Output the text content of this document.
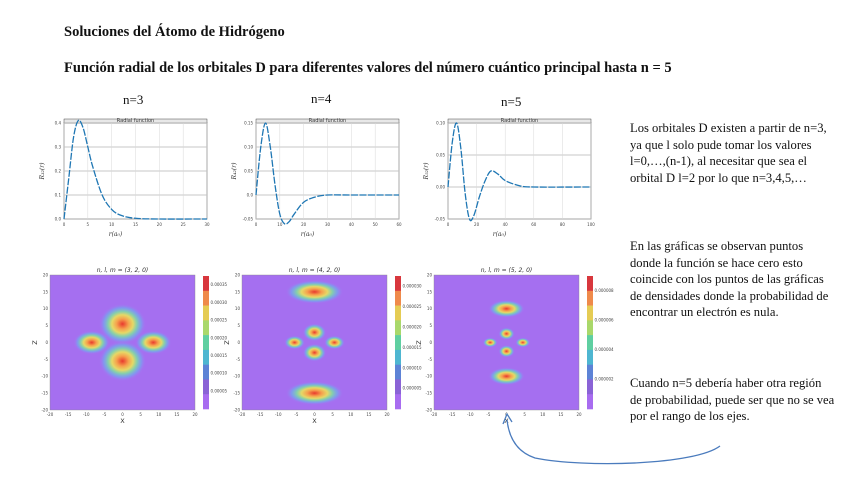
Soluciones del Átomo de Hidrógeno
Función radial de los orbitales D para diferentes valores del número cuántico principal hasta n = 5
n=3	n=4	n=5
Radial function
0.0
0.1
0.2
0.3
0.4
0	5	10	15	20	25	30
r(a₀)
R₃₂(r)
Radial function
-0.05
0.0
0.05
0.10
0.15
0	10	20	30	40	50	60
r(a₀)
R₄₂(r)
Radial function
-0.05
0.00
0.05
0.10
0	20	40	60	80	100
r(a₀)
R₅₂(r)
n, l, m = (3, 2, 0)
-20	-15	-10	-5	0	5	10	15	20
20
15
10
5
0
-5
-10
-15
-20
X
Z
0.00035
0.00030
0.00025
0.00020
0.00015
0.00010
0.00005
n, l, m = (4, 2, 0)
-20	-15	-10	-5	0	5	10	15	20
20
15
10
5
0
-5
-10
-15
-20
X
Z
0.000030
0.000025
0.000020
0.000015
0.000010
0.000005
n, l, m = (5, 2, 0)
-20	-15	-10	-5	0	5	10	15	20
20
15
10
5
0
-5
-10
-15
-20
X
Z
0.000008
0.000006
0.000004
0.000002
Los orbitales D existen a partir de n=3, ya que l solo pude tomar los valores l=0,…,(n-1), al necesitar que sea el orbital D l=2 por lo que n=3,4,5,…
En las gráficas se observan puntos donde la función se hace cero esto coincide con los puntos de las gráficas de densidades donde la probabilidad de encontrar un electrón es nula.
Cuando n=5 debería haber otra región de probabilidad, puede ser que no se vea por el rango de los ejes.
